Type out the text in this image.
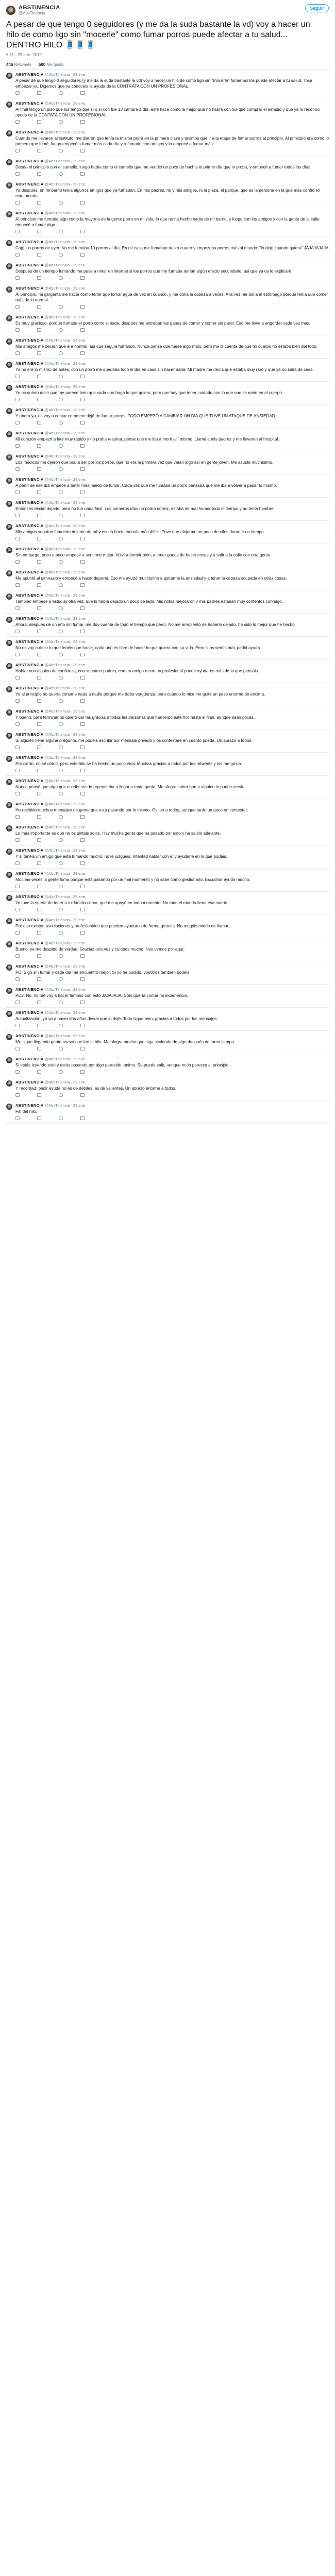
ABSTINENCIA
@AbsTinencia
Seguir
A pesar de que tengo 0 seguidores (y me da la suda bastante la vd) voy a hacer un hilo de como ligo sin "mocerle" como fumar porros puede afectar a tu salud...
DENTRO HILO 🧵🧵🧵
6:11 - 29 ene. 2019
446 Retweets 500 Me gusta
ABSTINENCIA @AbsTinencia · 29 ene.
A pesar de que tengo 0 seguidores (y me da la suda bastante la vd) voy a hacer un hilo de como ligo sin "mocerle" fumar porros puede afectar a tu salud. Toca empezar ya. Digamos que ya conocéis la ayuda de la CONTRATA CON UN PROFESIONAL.
ABSTINENCIA @AbsTinencia · 29 ene.
Al final tengo un piso que los tengo que sí o sí con fue 13 cámara a día, éste hace como la mejor que no habrá con los que comprar el estadio y que ya lo reconocí ayuda de la CONTATA CON UN PROFESIONAL.
ABSTINENCIA @AbsTinencia · 29 ene.
Cuando me llevaron al instituto, me dijeron que tenía la misma porra en la primera clase y tuvimos que ir a la etapa de fumar porros al principio. Al principio era como lo primero que fumé, luego empecé a fumar más cada día y a fumarlo con amigos y lo empecé a fumar más.
ABSTINENCIA @AbsTinencia · 29 ene.
Desde el principio con el camello, luego había como el camello que me vendió un poco de hachís el primer día que lo probé, y empecé a fumar todos los días.
ABSTINENCIA @AbsTinencia · 29 ene.
Ya después, en mi barrio tenía algunos amigos que ya fumaban. En mis padres, no y mis amigos, ni la plaza, el parque, que es la persona en la que más confío en este mundo.
ABSTINENCIA @AbsTinencia · 29 ene.
Al principio me fumaba algo como la mayoría de la gente porro en mi vida, lo que no ha hecho nadie de mi barrio, y luego con los amigos y con la gente de la calle empecé a fumar algo.
ABSTINENCIA @AbsTinencia · 29 ene.
Cogí los porros de ayer. No me fumaba 10 porros al día. En mi casa me fumaban tres o cuatro y empezaba porros más al mundo: "lo dejo cuando quiera" JAJAJAJAJA
ABSTINENCIA @AbsTinencia · 29 ene.
Después de un tiempo fumando me puse a mirar en internet si los porros que me fumaba tenían algún efecto secundario, así que ya os lo explicaré.
ABSTINENCIA @AbsTinencia · 29 ene.
Al principio, mi garganta me hacía como tener que tomar agua de vez en cuando, y me dolía la cabeza a veces. A la vez me dolía el estómago porque tenía que comer más de lo normal.
ABSTINENCIA @AbsTinencia · 29 ene.
Es muy gracioso, porque fumaba el porro como si nada, después me entraban las ganas de comer y comer sin parar. Eso me lleva a engordar cada vez más.
ABSTINENCIA @AbsTinencia · 29 ene.
Mis amigos me decían que era normal, así que seguía fumando. Nunca pensé que fuese algo malo, pero me di cuenta de que mi cuerpo no estaba bien del todo.
ABSTINENCIA @AbsTinencia · 29 ene.
Ya no era lo mismo de antes, con un porro me quedaba todo el día en casa sin hacer nada. Mi madre me decía que estaba muy raro y que ya no salía de casa.
ABSTINENCIA @AbsTinencia · 29 ene.
Yo os quiero decir que me parece bien que cada uno haga lo que quiera, pero que hay que tener cuidado con lo que uno se mete en el cuerpo.
ABSTINENCIA @AbsTinencia · 29 ene.
Y ahora ya, os voy a contar como me dejé de fumar porros: TODO EMPEZÓ A CAMBIAR UN DÍA QUE TUVE UN ATAQUE DE ANSIEDAD.
ABSTINENCIA @AbsTinencia · 29 ene.
Mi corazón empezó a latir muy rápido y no podía respirar, pensé que me iba a morir allí mismo. Llamé a mis padres y me llevaron al hospital.
ABSTINENCIA @AbsTinencia · 29 ene.
Los médicos me dijeron que podía ser por los porros, que no era la primera vez que veían algo así en gente joven. Me asusté muchísimo.
ABSTINENCIA @AbsTinencia · 29 ene.
A partir de ese día empecé a tener más miedo de fumar. Cada vez que me fumaba un porro pensaba que me iba a volver a pasar lo mismo.
ABSTINENCIA @AbsTinencia · 29 ene.
Entonces decidí dejarlo, pero no fue nada fácil. Los primeros días no podía dormir, estaba de mal humor todo el tiempo y no tenía hambre.
ABSTINENCIA @AbsTinencia · 29 ene.
Mis amigos seguían fumando delante de mí y eso lo hacía todavía más difícil. Tuve que alejarme un poco de ellos durante un tiempo.
ABSTINENCIA @AbsTinencia · 29 ene.
Sin embargo, poco a poco empecé a sentirme mejor. Volví a dormir bien, a tener ganas de hacer cosas y a salir a la calle con otra gente.
ABSTINENCIA @AbsTinencia · 29 ene.
Me apunté al gimnasio y empecé a hacer deporte. Eso me ayudó muchísimo a quitarme la ansiedad y a tener la cabeza ocupada en otras cosas.
ABSTINENCIA @AbsTinencia · 29 ene.
También empecé a estudiar otra vez, que lo había dejado un poco de lado. Mis notas mejoraron y mis padres estaban muy contentos conmigo.
ABSTINENCIA @AbsTinencia · 29 ene.
Ahora, después de un año sin fumar, me doy cuenta de todo el tiempo que perdí. No me arrepiento de haberlo dejado, ha sido lo mejor que he hecho.
ABSTINENCIA @AbsTinencia · 29 ene.
No os voy a decir lo que tenéis que hacer, cada uno es libre de hacer lo que quiera con su vida. Pero si os sentís mal, pedid ayuda.
ABSTINENCIA @AbsTinencia · 29 ene.
Hablar con alguien de confianza, con vuestros padres, con un amigo o con un profesional puede ayudaros más de lo que pensáis.
ABSTINENCIA @AbsTinencia · 29 ene.
Yo al principio no quería contarle nada a nadie porque me daba vergüenza, pero cuando lo hice me quité un peso enorme de encima.
ABSTINENCIA @AbsTinencia · 29 ene.
Y bueno, para terminar os quiero dar las gracias a todas las personas que han leído este hilo hasta el final, aunque sean pocas.
ABSTINENCIA @AbsTinencia · 29 ene.
Si alguien tiene alguna pregunta, me podéis escribir por mensaje privado y os contestaré en cuanto pueda. Un abrazo a todos.
ABSTINENCIA @AbsTinencia · 29 ene.
Por cierto, no sé cómo, pero este hilo se ha hecho un poco viral. Muchas gracias a todos por los retweets y los me gusta.
ABSTINENCIA @AbsTinencia · 29 ene.
Nunca pensé que algo que escribí así de repente iba a llegar a tanta gente. Me alegra saber que a alguien le puede servir.
ABSTINENCIA @AbsTinencia · 29 ene.
He recibido muchos mensajes de gente que está pasando por lo mismo. Os leo a todos, aunque tardo un poco en contestar.
ABSTINENCIA @AbsTinencia · 29 ene.
Lo más importante es que no os sintáis solos. Hay mucha gente que ha pasado por esto y ha salido adelante.
ABSTINENCIA @AbsTinencia · 29 ene.
Y si tenéis un amigo que está fumando mucho, no le juzguéis. Intentad hablar con él y ayudarle en lo que podáis.
ABSTINENCIA @AbsTinencia · 29 ene.
Muchas veces la gente fuma porque está pasando por un mal momento y no sabe cómo gestionarlo. Escuchar ayuda mucho.
ABSTINENCIA @AbsTinencia · 29 ene.
Yo tuve la suerte de tener a mi familia cerca, que me apoyó en todo momento. No todo el mundo tiene esa suerte.
ABSTINENCIA @AbsTinencia · 29 ene.
Por eso existen asociaciones y profesionales que pueden ayudaros de forma gratuita. No tengáis miedo de llamar.
ABSTINENCIA @AbsTinencia · 29 ene.
Bueno, ya me despido de verdad. Gracias otra vez y cuidaos mucho. Nos vemos por aquí.
ABSTINENCIA @AbsTinencia · 29 ene.
PD: Sigo sin fumar y cada día me encuentro mejor. Si yo he podido, vosotros también podéis.
ABSTINENCIA @AbsTinencia · 29 ene.
PD2: No, no me voy a hacer famoso con esto JAJAJAJA. Solo quería contar mi experiencia.
ABSTINENCIA @AbsTinencia · 29 ene.
Actualización: ya va a hacer dos años desde que lo dejé. Todo sigue bien, gracias a todos por los mensajes.
ABSTINENCIA @AbsTinencia · 29 ene.
Me sigue llegando gente nueva que lee el hilo. Me alegra mucho que siga sirviendo de algo después de tanto tiempo.
ABSTINENCIA @AbsTinencia · 29 ene.
Si estás leyendo esto y estás pasando por algo parecido, ánimo. Se puede salir, aunque no lo parezca al principio.
ABSTINENCIA @AbsTinencia · 29 ene.
Y recordad: pedir ayuda no es de débiles, es de valientes. Un abrazo enorme a todos.
ABSTINENCIA @AbsTinencia · 29 ene.
Fin del hilo.
